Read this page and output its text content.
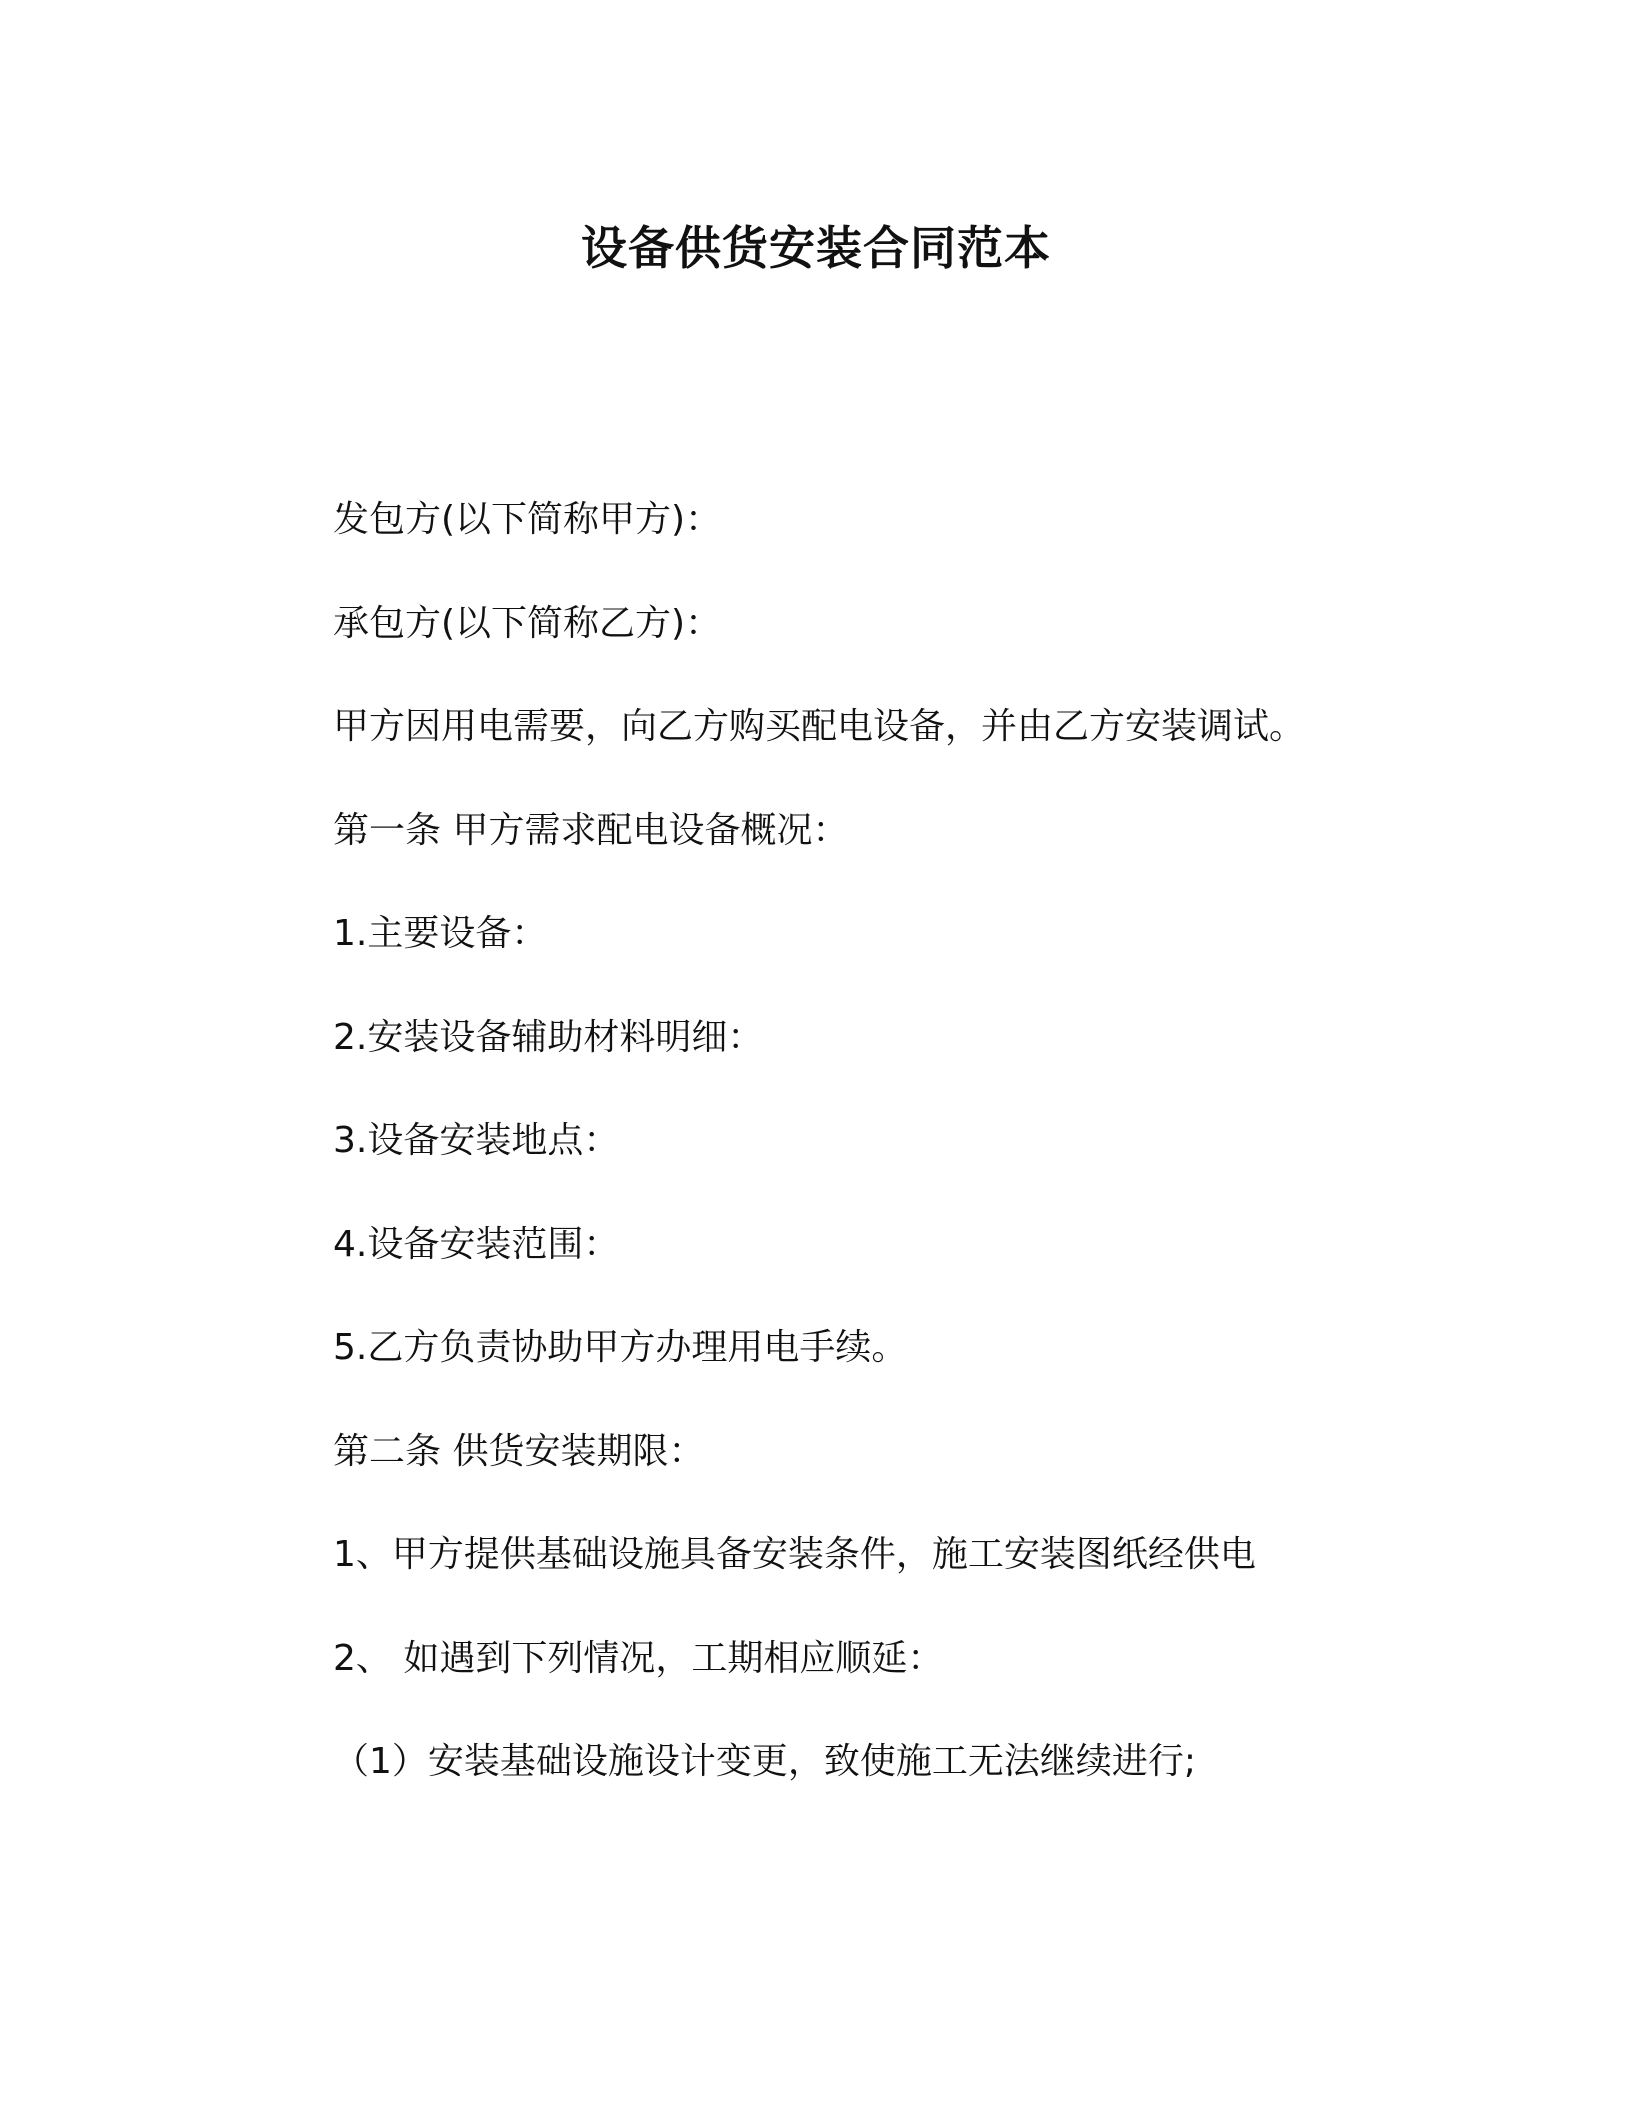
设备供货安装合同范本

发包方(以下简称甲方)：

承包方(以下简称乙方)：

甲方因用电需要，向乙方购买配电设备，并由乙方安装调试。

第一条 甲方需求配电设备概况：

1.主要设备：

2.安装设备辅助材料明细：

3.设备安装地点：

4.设备安装范围：

5.乙方负责协助甲方办理用电手续。

第二条 供货安装期限：

1、甲方提供基础设施具备安装条件，施工安装图纸经供电

2、 如遇到下列情况，工期相应顺延：

（1）安装基础设施设计变更，致使施工无法继续进行;
